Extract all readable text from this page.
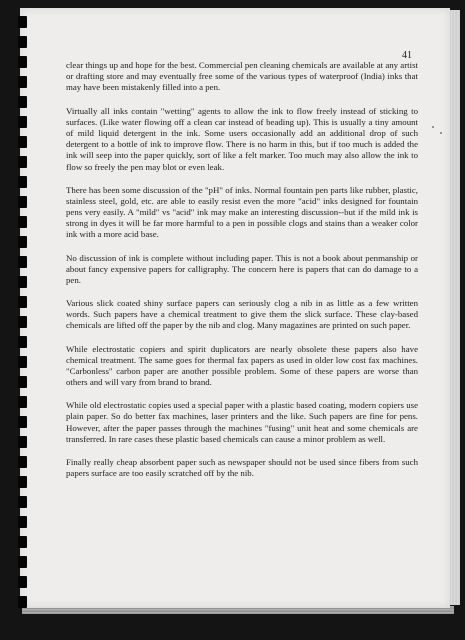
41

clear things up and hope for the best. Commercial pen cleaning chemicals are available at any artist or drafting store and may eventually free some of the various types of waterproof (India) inks that may have been mistakenly filled into a pen.

Virtually all inks contain "wetting" agents to allow the ink to flow freely instead of sticking to surfaces. (Like water flowing off a clean car instead of beading up). This is usually a tiny amount of mild liquid detergent in the ink. Some users occasionally add an additional drop of such detergent to a bottle of ink to improve flow. There is no harm in this, but if too much is added the ink will seep into the paper quickly, sort of like a felt marker. Too much may also allow the ink to flow so freely the pen may blot or even leak.

There has been some discussion of the "pH" of inks. Normal fountain pen parts like rubber, plastic, stainless steel, gold, etc. are able to easily resist even the more "acid" inks designed for fountain pens very easily. A "mild" vs "acid" ink may make an interesting discussion--but if the mild ink is strong in dyes it will be far more harmful to a pen in possible clogs and stains than a weaker color ink with a more acid base.

No discussion of ink is complete without including paper. This is not a book about penmanship or about fancy expensive papers for calligraphy. The concern here is papers that can do damage to a pen.

Various slick coated shiny surface papers can seriously clog a nib in as little as a few written words. Such papers have a chemical treatment to give them the slick surface. These clay-based chemicals are lifted off the paper by the nib and clog. Many magazines are printed on such paper.

While electrostatic copiers and spirit duplicators are nearly obsolete these papers also have chemical treatment. The same goes for thermal fax papers as used in older low cost fax machines. "Carbonless" carbon paper are another possible problem. Some of these papers are worse than others and will vary from brand to brand.

While old electrostatic copies used a special paper with a plastic based coating, modern copiers use plain paper. So do better fax machines, laser printers and the like. Such papers are fine for pens. However, after the paper passes through the machines "fusing" unit heat and some chemicals are transferred. In rare cases these plastic based chemicals can cause a minor problem as well.

Finally really cheap absorbent paper such as newspaper should not be used since fibers from such papers surface are too easily scratched off by the nib.
